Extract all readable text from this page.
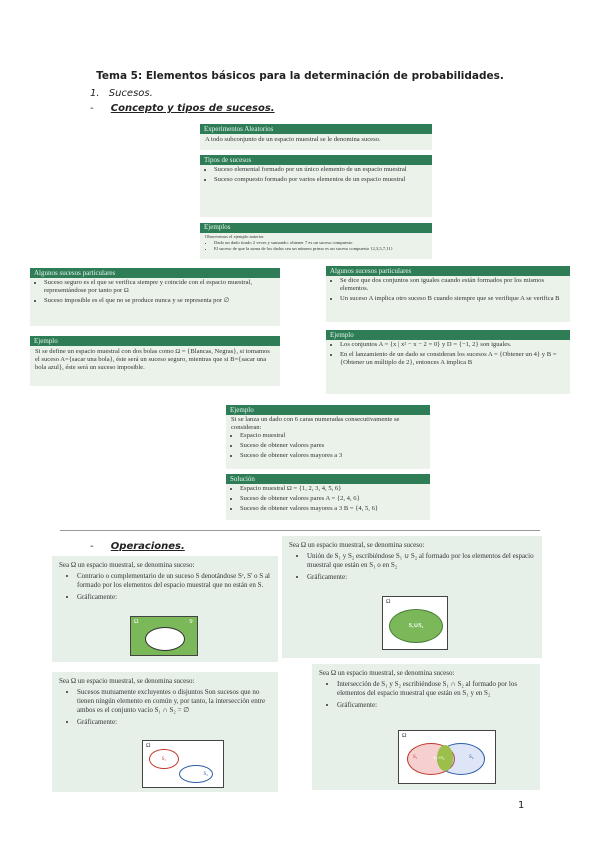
Tema 5: Elementos básicos para la determinación de probabilidades.
1. Sucesos.
- Concepto y tipos de sucesos.
Experimentos Aleatorios
A todo subconjunto de un espacio muestral se le denomina suceso.
Tipos de sucesos
• Suceso elemental formado por un único elemento de un espacio muestral
• Suceso compuesto formado por varios elementos de un espacio muestral
Ejemplos
Observemos el ejemplo anterior
• Dado un dado tirado 2 veces y sumando: obtener 7 es un suceso compuesto
• El suceso de que la suma de los dados sea un número primo es un suceso compuesto {2,3,5,7,11}
Algunos sucesos particulares
• Suceso seguro es el que se verifica siempre y coincide con el espacio muestral, representándose por tanto por Ω
• Suceso imposible es el que no se produce nunca y se representa por ∅
Ejemplo
Si se define un espacio muestral con dos bolas como Ω = {Blancas, Negras}, si tomamos el suceso A={sacar una bola}, éste será un suceso seguro, mientras que si B={sacar una bola azul}, éste será un suceso imposible.
Algunos sucesos particulares
• Se dice que dos conjuntos son iguales cuando están formados por los mismos elementos.
• Un suceso A implica otro suceso B cuando siempre que se verifique A se verifica B
Ejemplo
• Los conjuntos A = {x | x² − x − 2 = 0} y D = {−1, 2} son iguales.
• En el lanzamiento de un dado se consideran los sucesos A = {Obtener un 4} y B = {Obtener un múltiplo de 2}, entonces A implica B
Ejemplo
Si se lanza un dado con 6 caras numeradas consecutivamente se consideran:
• Espacio muestral
• Suceso de obtener valores pares
• Suceso de obtener valores mayores a 3
Solución
• Espacio muestral Ω = {1, 2, 3, 4, 5, 6}
• Suceso de obtener valores pares A = {2, 4, 6}
• Suceso de obtener valores mayores a 3 B = {4, 5, 6}
- Operaciones.	Sea Ω un espacio muestral, se denomina suceso:
• Unión de S₁ y S₂ escribiéndose S₁ ∪ S₂ al formado por los elementos del espacio muestral que están en S₁ o en S₂
• Gráficamente:
Ω
S₁∪S₂
Sea Ω un espacio muestral, se denomina suceso:
• Contrario o complementario de un suceso S denotándose Sᶜ, S' o S al formado por los elementos del espacio muestral que no están en S.
• Gráficamente:
Ω	Sᶜ
Sea Ω un espacio muestral, se denomina suceso:
• Sucesos mutuamente excluyentes o disjuntos Son sucesos que no tienen ningún elemento en común y, por tanto, la intersección entre ambos es el conjunto vacío S₁ ∩ S₂ = ∅
• Gráficamente:
Ω
S₁
S₂
Sea Ω un espacio muestral, se denomina suceso:
• Intersección de S₁ y S₂ escribiéndose S₁ ∩ S₂ al formado por los elementos del espacio muestral que están en S₁ y en S₂
• Gráficamente:
Ω
S₁	S₁∩S₂	S₂
1
